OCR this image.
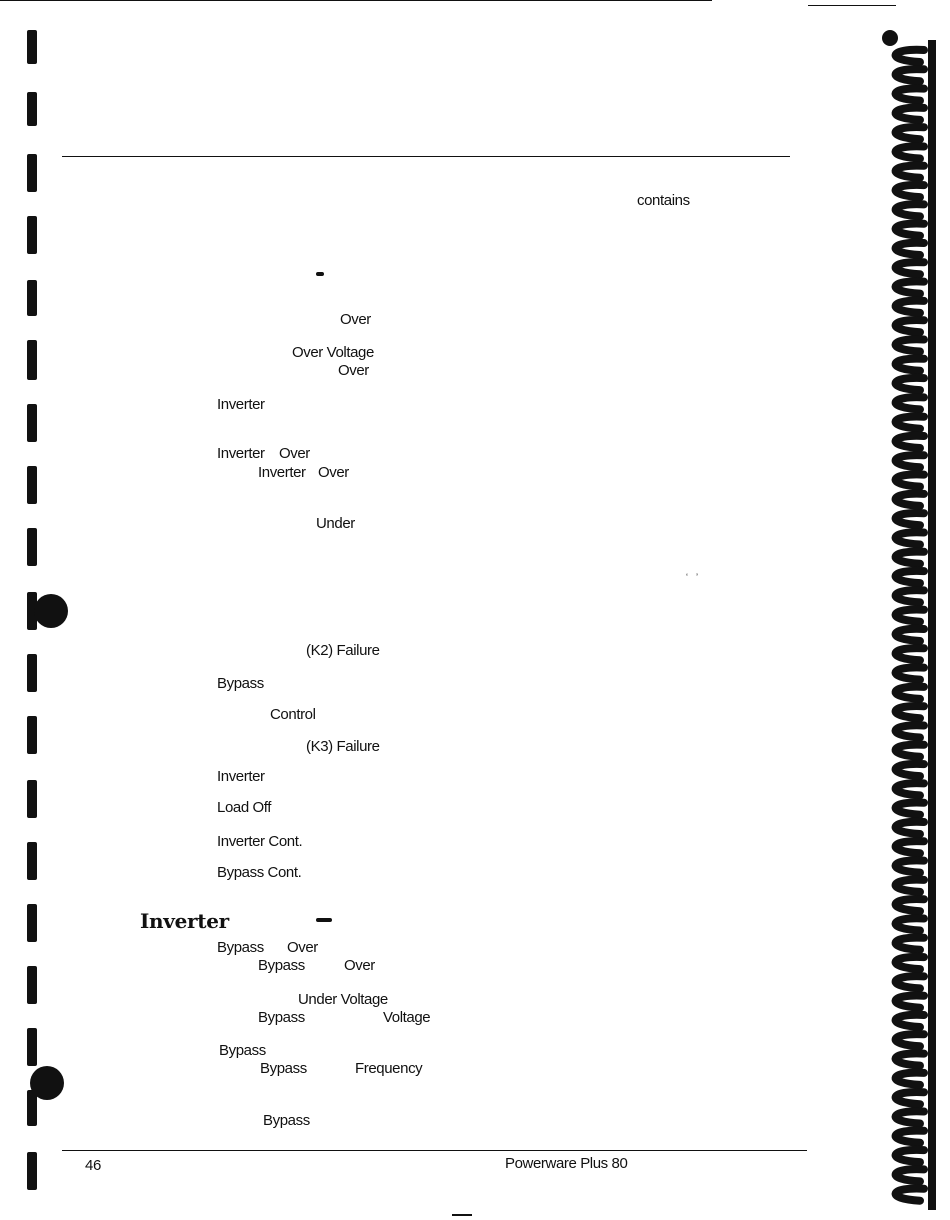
contains
Over
Over Voltage
Over
Inverter
Inverter Over
Inverter Over
Under
‘    ’
(K2) Failure
Bypass
Control
(K3) Failure
Inverter
Load Off
Inverter Cont.
Bypass Cont.
Inverter
Bypass Over
Bypass	Over
Under Voltage
Bypass	Voltage
Bypass
Bypass	Frequency
Bypass
46	Powerware Plus 80
